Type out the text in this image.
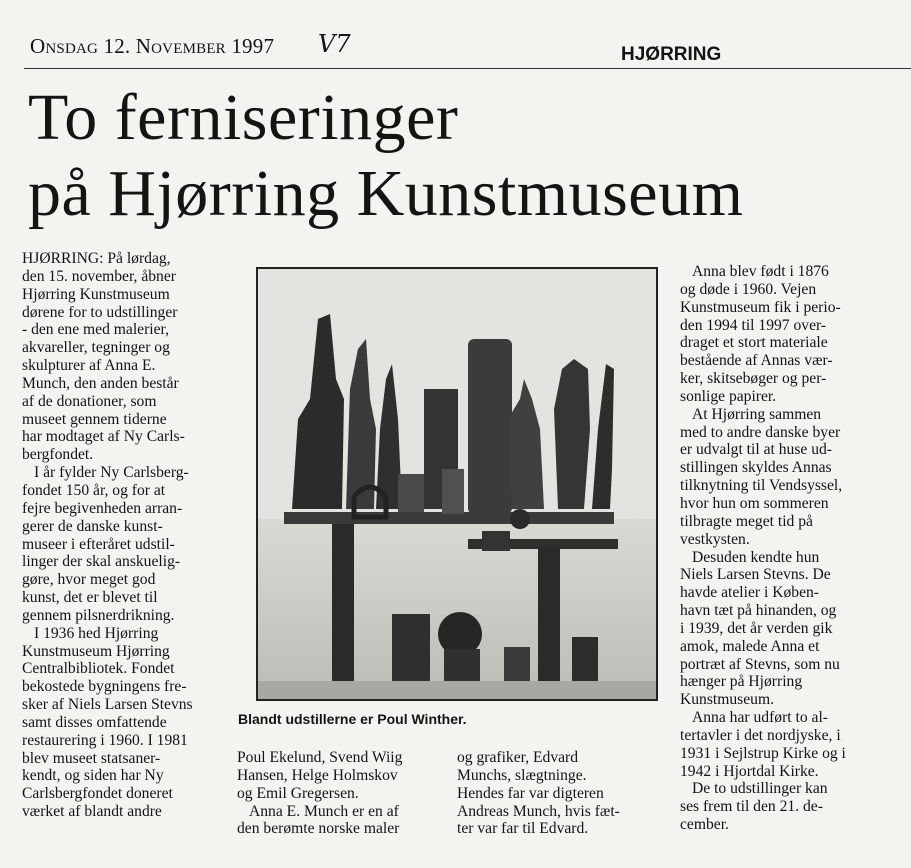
Onsdag 12. November 1997 V7	HJØRRING
To ferniseringer
på Hjørring Kunstmuseum

HJØRRING: På lørdag,
den 15. november, åbner
Hjørring Kunstmuseum
dørene for to udstillinger
- den ene med malerier,
akvareller, tegninger og
skulpturer af Anna E.
Munch, den anden består
af de donationer, som
museet gennem tiderne
har modtaget af Ny Carls-
bergfondet.

I år fylder Ny Carlsberg-
fondet 150 år, og for at
fejre begivenheden arran-
gerer de danske kunst-
museer i efteråret udstil-
linger der skal anskuelig-
gøre, hvor meget god
kunst, det er blevet til
gennem pilsnerdrikning.

I 1936 hed Hjørring
Kunstmuseum Hjørring
Centralbibliotek. Fondet
bekostede bygningens fre-
sker af Niels Larsen Stevns
samt disses omfattende
restaurering i 1960. I 1981
blev museet statsaner-
kendt, og siden har Ny
Carlsbergfondet doneret
værket af blandt andre

Blandt udstillerne er Poul Winther.

Poul Ekelund, Svend Wiig
Hansen, Helge Holmskov
og Emil Gregersen.

Anna E. Munch er en af
den berømte norske maler

og grafiker, Edvard
Munchs, slægtninge.
Hendes far var digteren
Andreas Munch, hvis fæt-
ter var far til Edvard.

Anna blev født i 1876
og døde i 1960. Vejen
Kunstmuseum fik i perio-
den 1994 til 1997 over-
draget et stort materiale
bestående af Annas vær-
ker, skitsebøger og per-
sonlige papirer.

At Hjørring sammen
med to andre danske byer
er udvalgt til at huse ud-
stillingen skyldes Annas
tilknytning til Vendsyssel,
hvor hun om sommeren
tilbragte meget tid på
vestkysten.

Desuden kendte hun
Niels Larsen Stevns. De
havde atelier i Køben-
havn tæt på hinanden, og
i 1939, det år verden gik
amok, malede Anna et
portræt af Stevns, som nu
hænger på Hjørring
Kunstmuseum.

Anna har udført to al-
tertavler i det nordjyske, i
1931 i Sejlstrup Kirke og i
1942 i Hjortdal Kirke.

De to udstillinger kan
ses frem til den 21. de-
cember.
